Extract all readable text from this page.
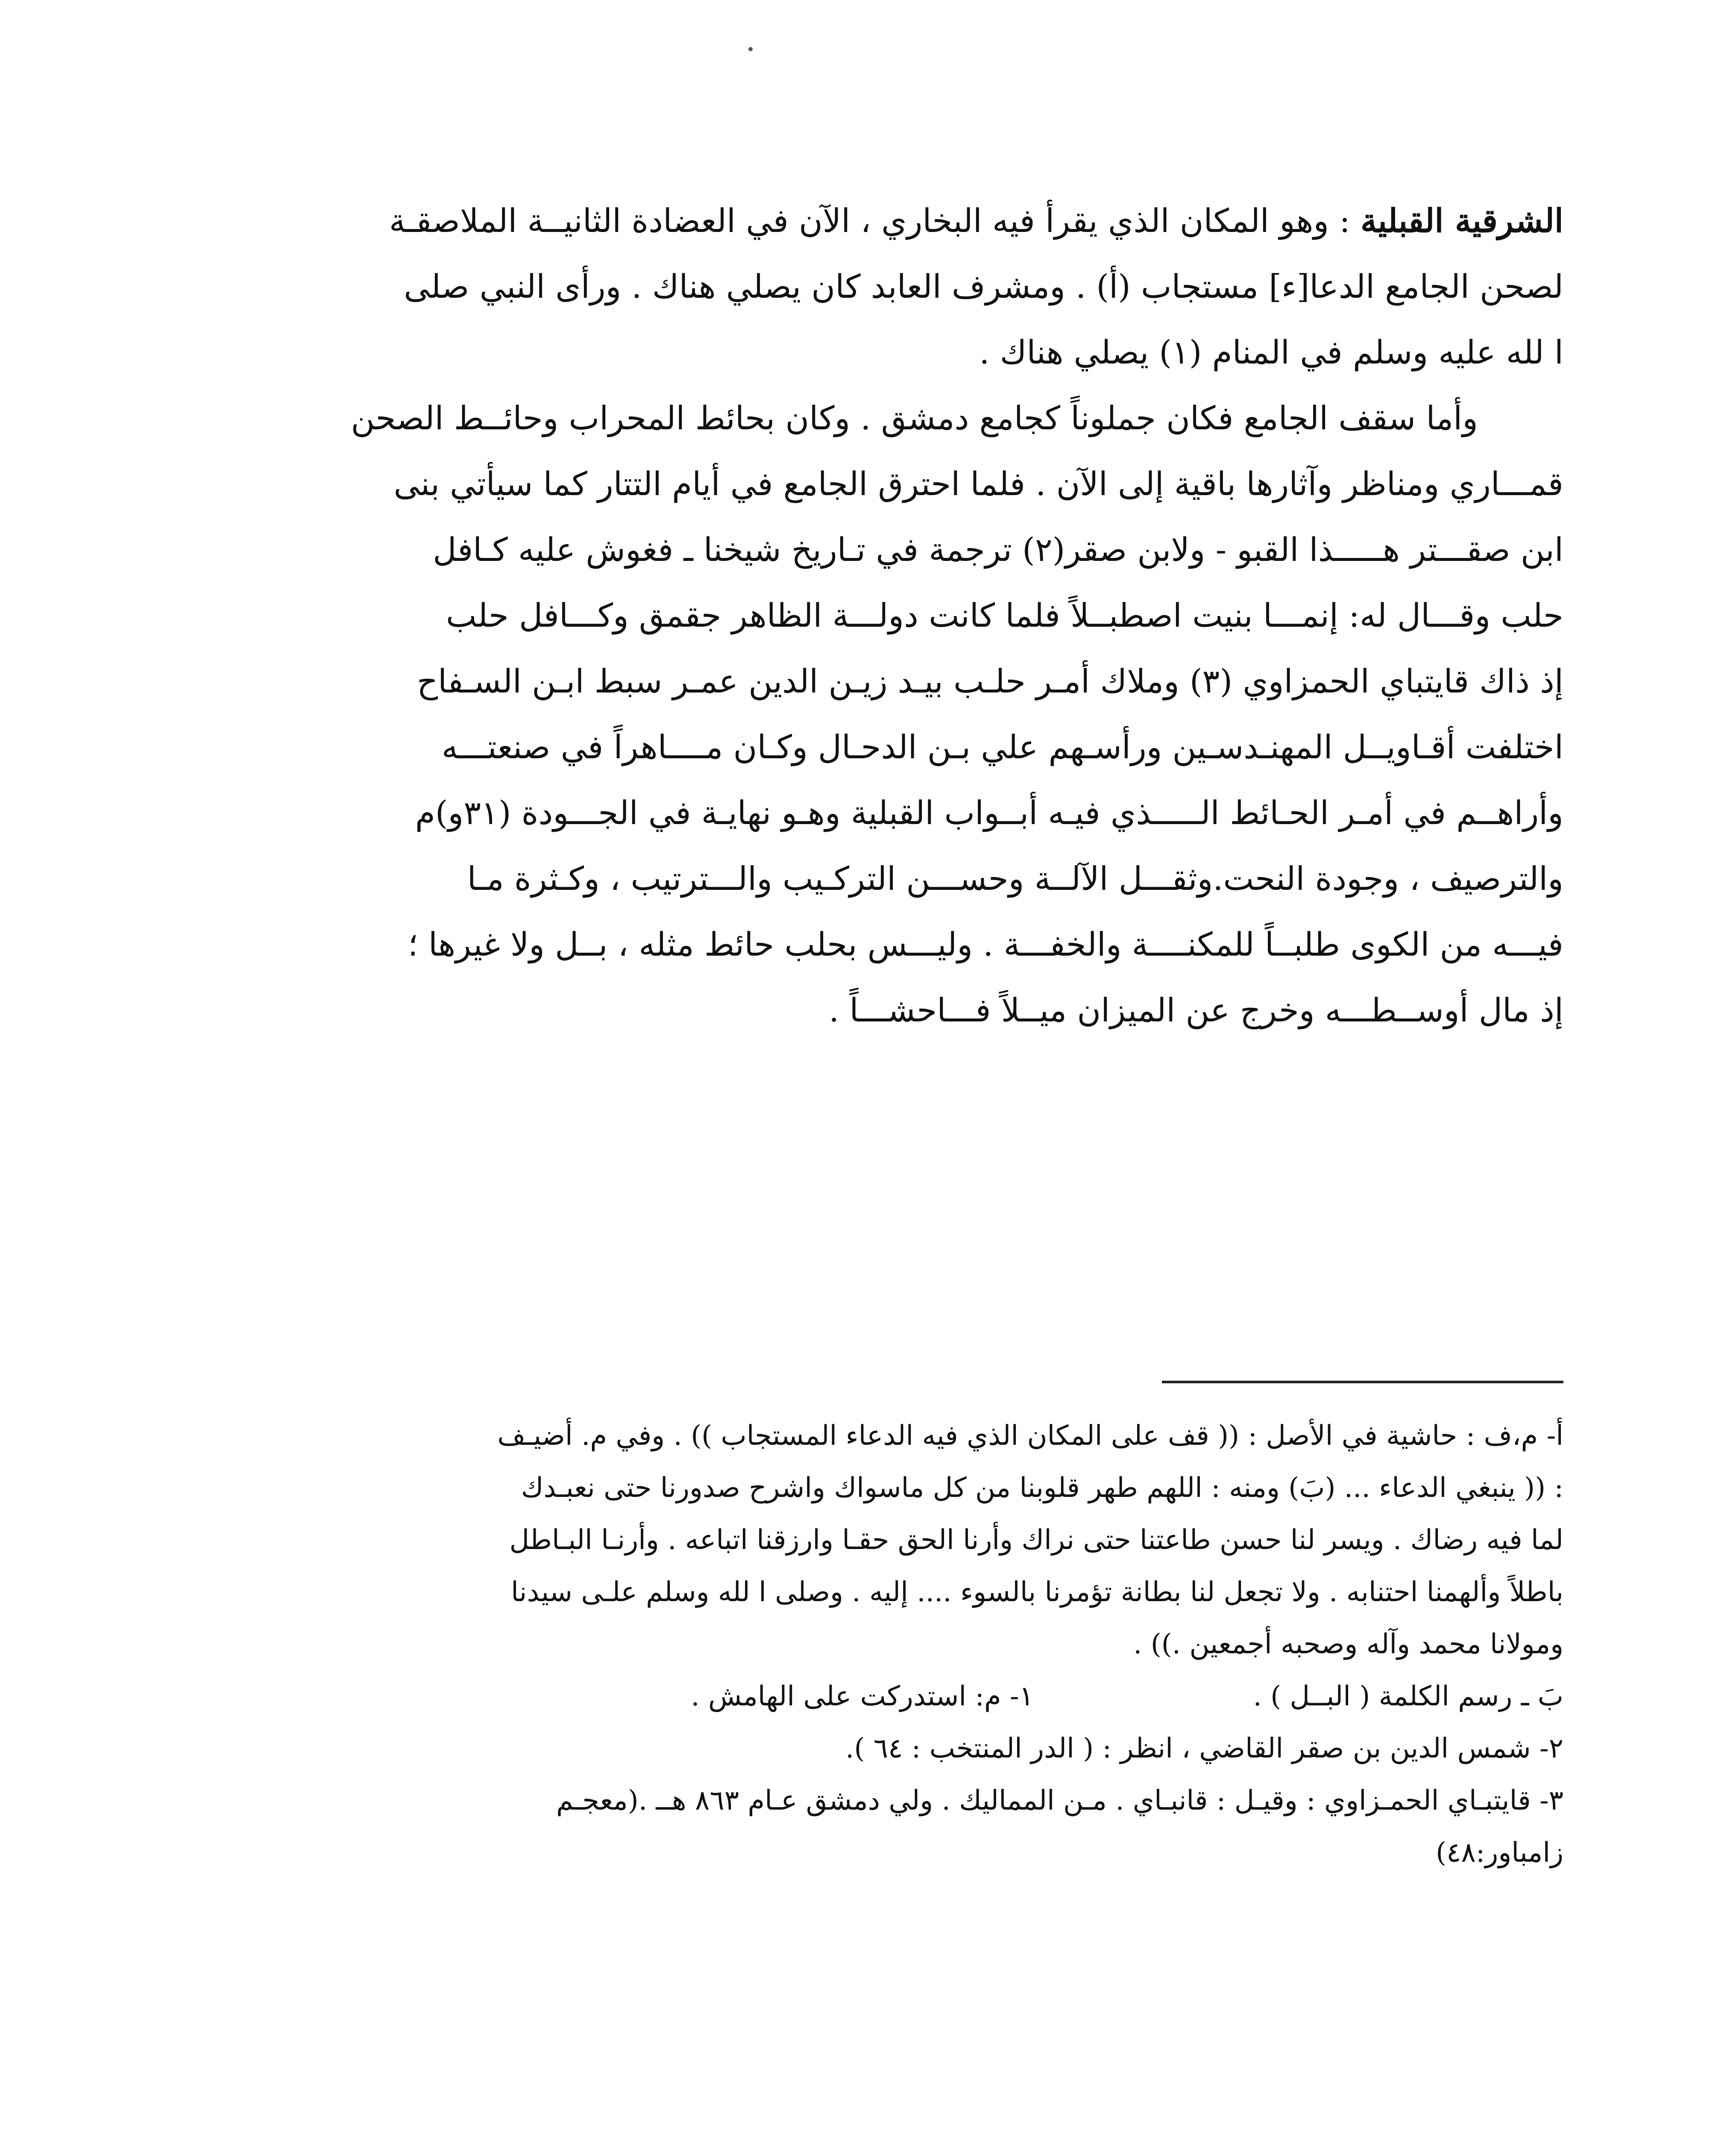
الشرقية القبلية : وهو المكان الذي يقرأ فيه البخاري ، الآن في العضادة الثانيــة الملاصقـة
لصحن الجامع الدعا[ء] مستجاب (أ) . ومشرف العابد كان يصلي هناك . ورأى النبي صلى
ا لله عليه وسلم في المنام (١) يصلي هناك .
وأما سقف الجامع فكان جملوناً كجامع دمشق . وكان بحائط المحراب وحائــط الصحن
قمـــاري ومناظر وآثارها باقية إلى الآن . فلما احترق الجامع في أيام التتار كما سيأتي بنى
ابن صقـــتر هـــــذا القبو - ولابن صقر(٢) ترجمة في تـاريخ شيخنا ـ فغوش عليه كـافل
حلب وقـــال له: إنمـــا بنيت اصطبــلاً فلما كانت دولـــة الظاهر جقمق وكـــافل حلب
إذ ذاك قايتباي الحمزاوي (٣) وملاك أمـر حلـب بيـد زيـن الدين عمـر سبط ابـن السـفاح
اختلفت أقـاويــل المهنـدسـين ورأسـهم علي بـن الدحـال وكـان مــــاهراً في صنعتـــه
وأراهــم في أمـر الحـائط الـــــذي فيـه أبــواب القبلية وهـو نهايـة في الجـــودة (٣١و)م
والترصيف ، وجودة النحت.وثقـــل الآلــة وحســـن التركـيب والـــترتيب ، وكـثرة مـا
فيـــه من الكوى طلبــاً للمكنــــة والخفـــة . وليـــس بحلب حائط مثله ، بــل ولا غيرها ؛
إذ مال أوســطـــه وخرج عن الميزان ميــلاً فـــاحشـــاً .
أ- م،ف : حاشية في الأصل : (( قف على المكان الذي فيه الدعاء المستجاب )) . وفي م. أضيـف
: (( ينبغي الدعاء ... (بَ) ومنه : اللهم طهر قلوبنا من كل ماسواك واشرح صدورنا حتى نعبـدك
لما فيه رضاك . ويسر لنا حسن طاعتنا حتى نراك وأرنا الحق حقـا وارزقنا اتباعه . وأرنـا البـاطل
باطلاً وألهمنا احتنابه . ولا تجعل لنا بطانة تؤمرنا بالسوء .... إليه . وصلى ا لله وسلم علـى سيدنا
ومولانا محمد وآله وصحبه أجمعين .)) .
بَ ـ رسم الكلمة ( البــل ) .
١- م: استدركت على الهامش .
٢- شمس الدين بن صقر القاضي ، انظر : ( الدر المنتخب : ٦٤ ).
٣- قايتبـاي الحمـزاوي : وقيـل : قانبـاي . مـن المماليك . ولي دمشق عـام ٨٦٣ هــ .(معجـم
زامباور:٤٨)
